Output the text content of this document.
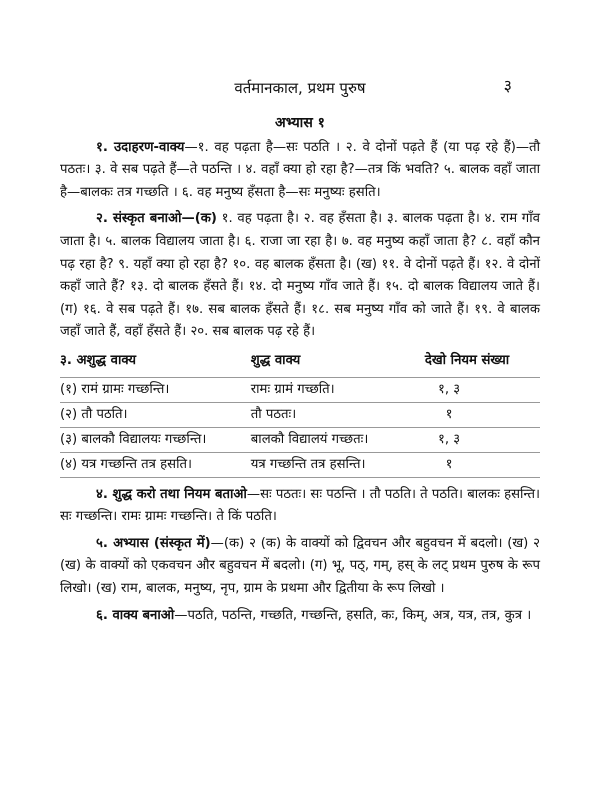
वर्तमानकाल, प्रथम पुरुष	३
अभ्यास १

१. उदाहरण-वाक्य—१. वह पढ़ता है—सः पठति । २. वे दोनों पढ़ते हैं (या पढ़ रहे हैं)—तौ पठतः। ३. वे सब पढ़ते हैं—ते पठन्ति । ४. वहाँ क्या हो रहा है?—तत्र किं भवति? ५. बालक वहाँ जाता है—बालकः तत्र गच्छति । ६. वह मनुष्य हँसता है—सः मनुष्यः हसति।

२. संस्कृत बनाओ—(क) १. वह पढ़ता है। २. वह हँसता है। ३. बालक पढ़ता है। ४. राम गाँव जाता है। ५. बालक विद्यालय जाता है। ६. राजा जा रहा है। ७. वह मनुष्य कहाँ जाता है? ८. वहाँ कौन पढ़ रहा है? ९. यहाँ क्या हो रहा है? १०. वह बालक हँसता है। (ख) ११. वे दोनों पढ़ते हैं। १२. वे दोनों कहाँ जाते हैं? १३. दो बालक हँसते हैं। १४. दो मनुष्य गाँव जाते हैं। १५. दो बालक विद्यालय जाते हैं। (ग) १६. वे सब पढ़ते हैं। १७. सब बालक हँसते हैं। १८. सब मनुष्य गाँव को जाते हैं। १९. वे बालक जहाँ जाते हैं, वहाँ हँसते हैं। २०. सब बालक पढ़ रहे हैं।

३. अशुद्ध वाक्य	शुद्ध वाक्य	देखो नियम संख्या
(१) रामं ग्रामः गच्छन्ति।	रामः ग्रामं गच्छति।	१, ३
(२) तौ पठति।	तौ पठतः।	१
(३) बालकौ विद्यालयः गच्छन्ति।	बालकौ विद्यालयं गच्छतः।	१, ३
(४) यत्र गच्छन्ति तत्र हसति।	यत्र गच्छन्ति तत्र हसन्ति।	१

४. शुद्ध करो तथा नियम बताओ—सः पठतः। सः पठन्ति । तौ पठति। ते पठति। बालकः हसन्ति। सः गच्छन्ति। रामः ग्रामः गच्छन्ति। ते किं पठति।

५. अभ्यास (संस्कृत में)—(क) २ (क) के वाक्यों को द्विवचन और बहुवचन में बदलो। (ख) २ (ख) के वाक्यों को एकवचन और बहुवचन में बदलो। (ग) भू, पठ्, गम्, हस् के लट् प्रथम पुरुष के रूप लिखो। (ख) राम, बालक, मनुष्य, नृप, ग्राम के प्रथमा और द्वितीया के रूप लिखो ।

६. वाक्य बनाओ—पठति, पठन्ति, गच्छति, गच्छन्ति, हसति, कः, किम्, अत्र, यत्र, तत्र, कुत्र ।
